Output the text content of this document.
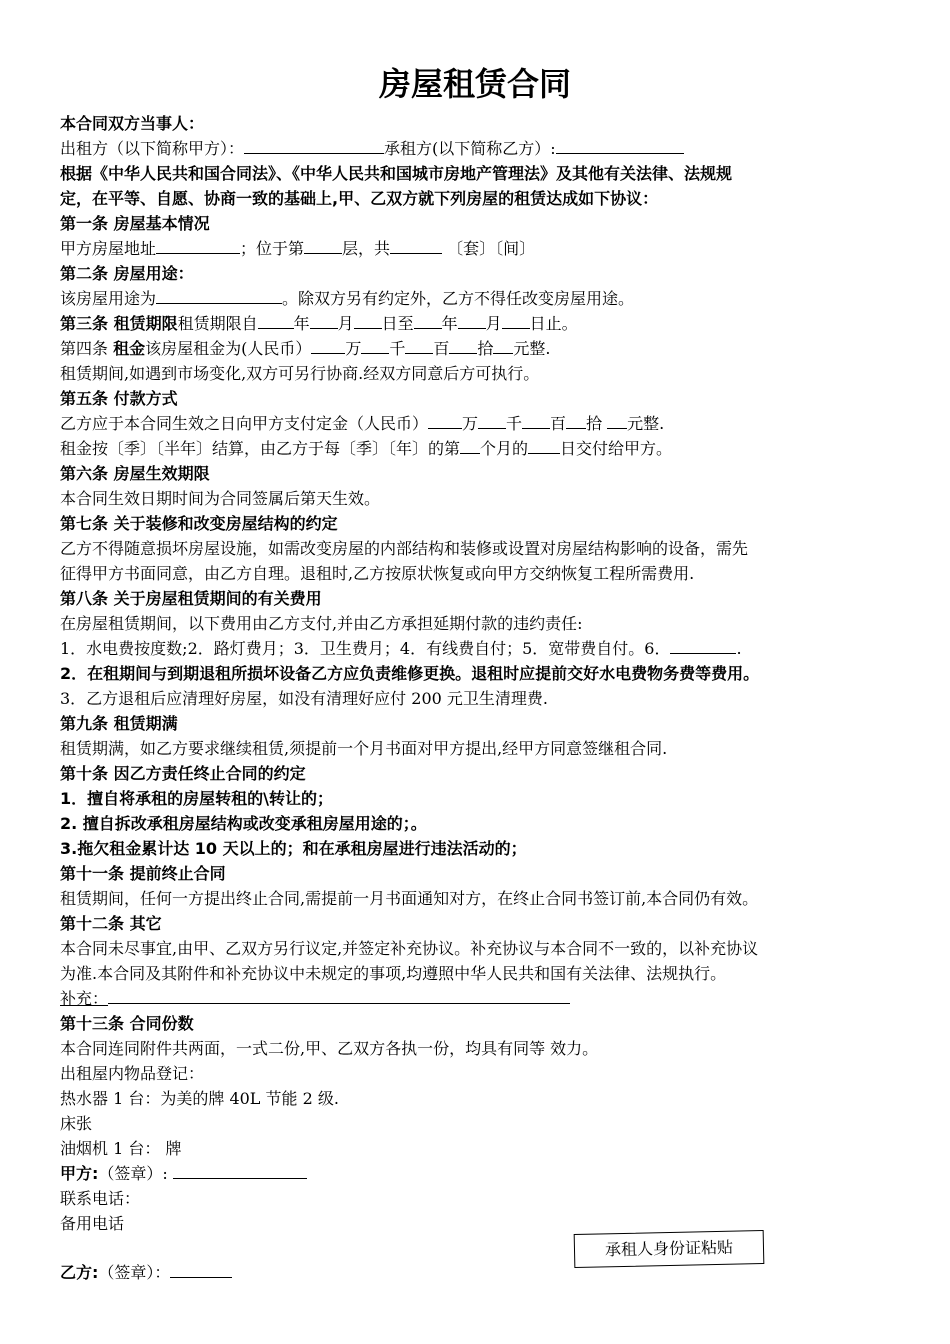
房屋租赁合同
本合同双方当事人：
出租方（以下简称甲方）：	承租方(以下简称乙方）:
根据《中华人民共和国合同法》、《中华人民共和国城市房地产管理法》及其他有关法律、法规规
定，在平等、自愿、协商一致的基础上,甲、乙双方就下列房屋的租赁达成如下协议：
第一条 房屋基本情况
甲方房屋地址	；位于第 层，共	〔套〕〔间〕
第二条 房屋用途：
该房屋用途为	。除双方另有约定外，乙方不得任改变房屋用途。
第三条 租赁期限租赁期限自 年 月 日至 年 月 日止。
第四条 租金该房屋租金为(人民币） 万 千 百 拾 元整.
租赁期间,如遇到市场变化,双方可另行协商.经双方同意后方可执行。
第五条 付款方式
乙方应于本合同生效之日向甲方支付定金（人民币） 万 千 百 拾 元整.
租金按〔季〕〔半年〕结算，由乙方于每〔季〕〔年〕的第 个月的 日交付给甲方。
第六条 房屋生效期限
本合同生效日期时间为合同签属后第天生效。
第七条 关于装修和改变房屋结构的约定
乙方不得随意损坏房屋设施，如需改变房屋的内部结构和装修或设置对房屋结构影响的设备，需先
征得甲方书面同意，由乙方自理。退租时,乙方按原状恢复或向甲方交纳恢复工程所需费用.
第八条 关于房屋租赁期间的有关费用
在房屋租赁期间，以下费用由乙方支付,并由乙方承担延期付款的违约责任:
1．水电费按度数;2．路灯费月；3．卫生费月；4．有线费自付；5．宽带费自付。6．	.
2．在租期间与到期退租所损坏设备乙方应负责维修更换。退租时应提前交好水电费物务费等费用。
3．乙方退租后应清理好房屋，如没有清理好应付 200 元卫生清理费.
第九条 租赁期满
租赁期满，如乙方要求继续租赁,须提前一个月书面对甲方提出,经甲方同意签继租合同.
第十条 因乙方责任终止合同的约定
1．擅自将承租的房屋转租的\转让的；
2. 擅自拆改承租房屋结构或改变承租房屋用途的；。
3.拖欠租金累计达 10 天以上的；和在承租房屋进行违法活动的；
第十一条 提前终止合同
租赁期间，任何一方提出终止合同,需提前一月书面通知对方，在终止合同书签订前,本合同仍有效。
第十二条 其它
本合同未尽事宜,由甲、乙双方另行议定,并签定补充协议。补充协议与本合同不一致的，以补充协议
为准.本合同及其附件和补充协议中未规定的事项,均遵照中华人民共和国有关法律、法规执行。
补充：
第十三条 合同份数
本合同连同附件共两面，一式二份,甲、乙双方各执一份，均具有同等 效力。
出租屋内物品登记：
热水器 1 台：为美的牌 40L 节能 2 级.
床张
油烟机 1 台： 牌
甲方:（签章）:
联系电话：
备用电话
乙方:（签章）：
承租人身份证粘贴
